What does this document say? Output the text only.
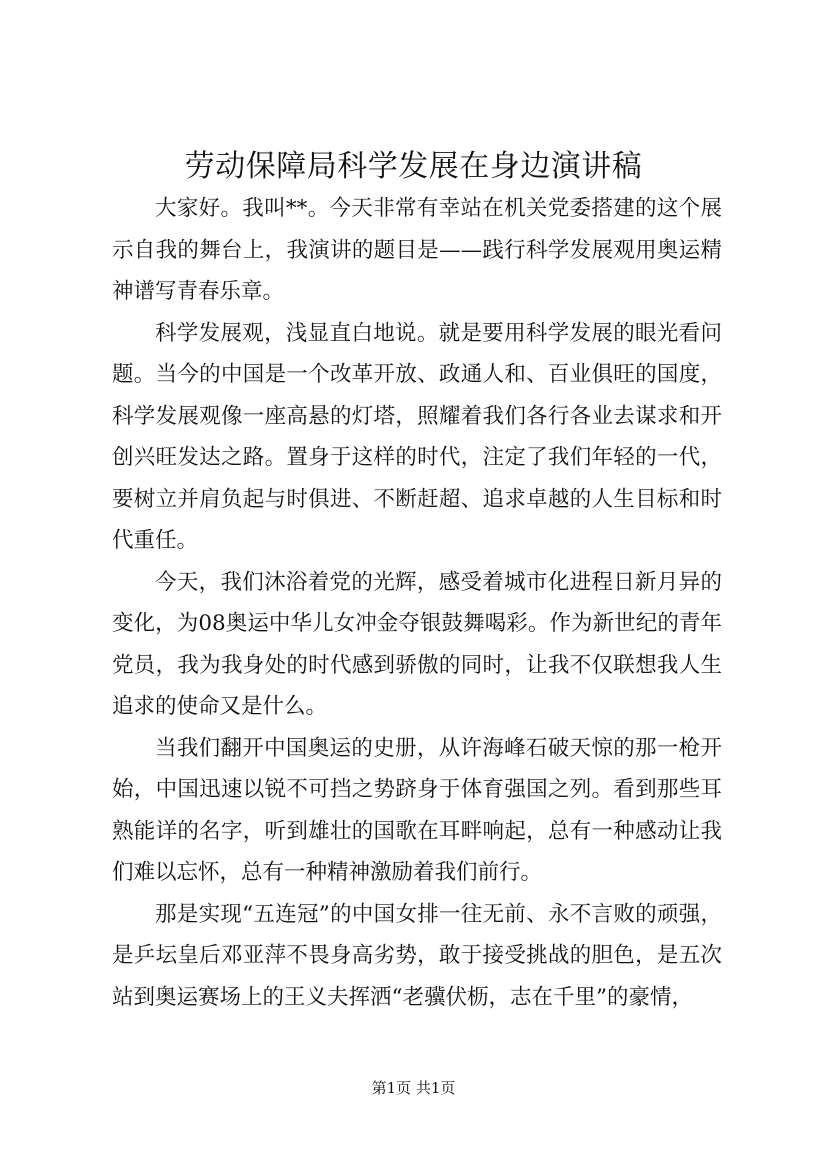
劳动保障局科学发展在身边演讲稿

大家好。我叫**。今天非常有幸站在机关党委搭建的这个展示自我的舞台上，我演讲的题目是——践行科学发展观用奥运精神谱写青春乐章。

科学发展观，浅显直白地说。就是要用科学发展的眼光看问题。当今的中国是一个改革开放、政通人和、百业俱旺的国度，科学发展观像一座高悬的灯塔，照耀着我们各行各业去谋求和开创兴旺发达之路。置身于这样的时代，注定了我们年轻的一代，要树立并肩负起与时俱进、不断赶超、追求卓越的人生目标和时代重任。

今天，我们沐浴着党的光辉，感受着城市化进程日新月异的变化，为08奥运中华儿女冲金夺银鼓舞喝彩。作为新世纪的青年党员，我为我身处的时代感到骄傲的同时，让我不仅联想我人生追求的使命又是什么。

当我们翻开中国奥运的史册，从许海峰石破天惊的那一枪开始，中国迅速以锐不可挡之势跻身于体育强国之列。看到那些耳熟能详的名字，听到雄壮的国歌在耳畔响起，总有一种感动让我们难以忘怀，总有一种精神激励着我们前行。

那是实现“五连冠”的中国女排一往无前、永不言败的顽强，是乒坛皇后邓亚萍不畏身高劣势，敢于接受挑战的胆色，是五次站到奥运赛场上的王义夫挥洒“老骥伏枥，志在千里”的豪情，

第1页 共1页
